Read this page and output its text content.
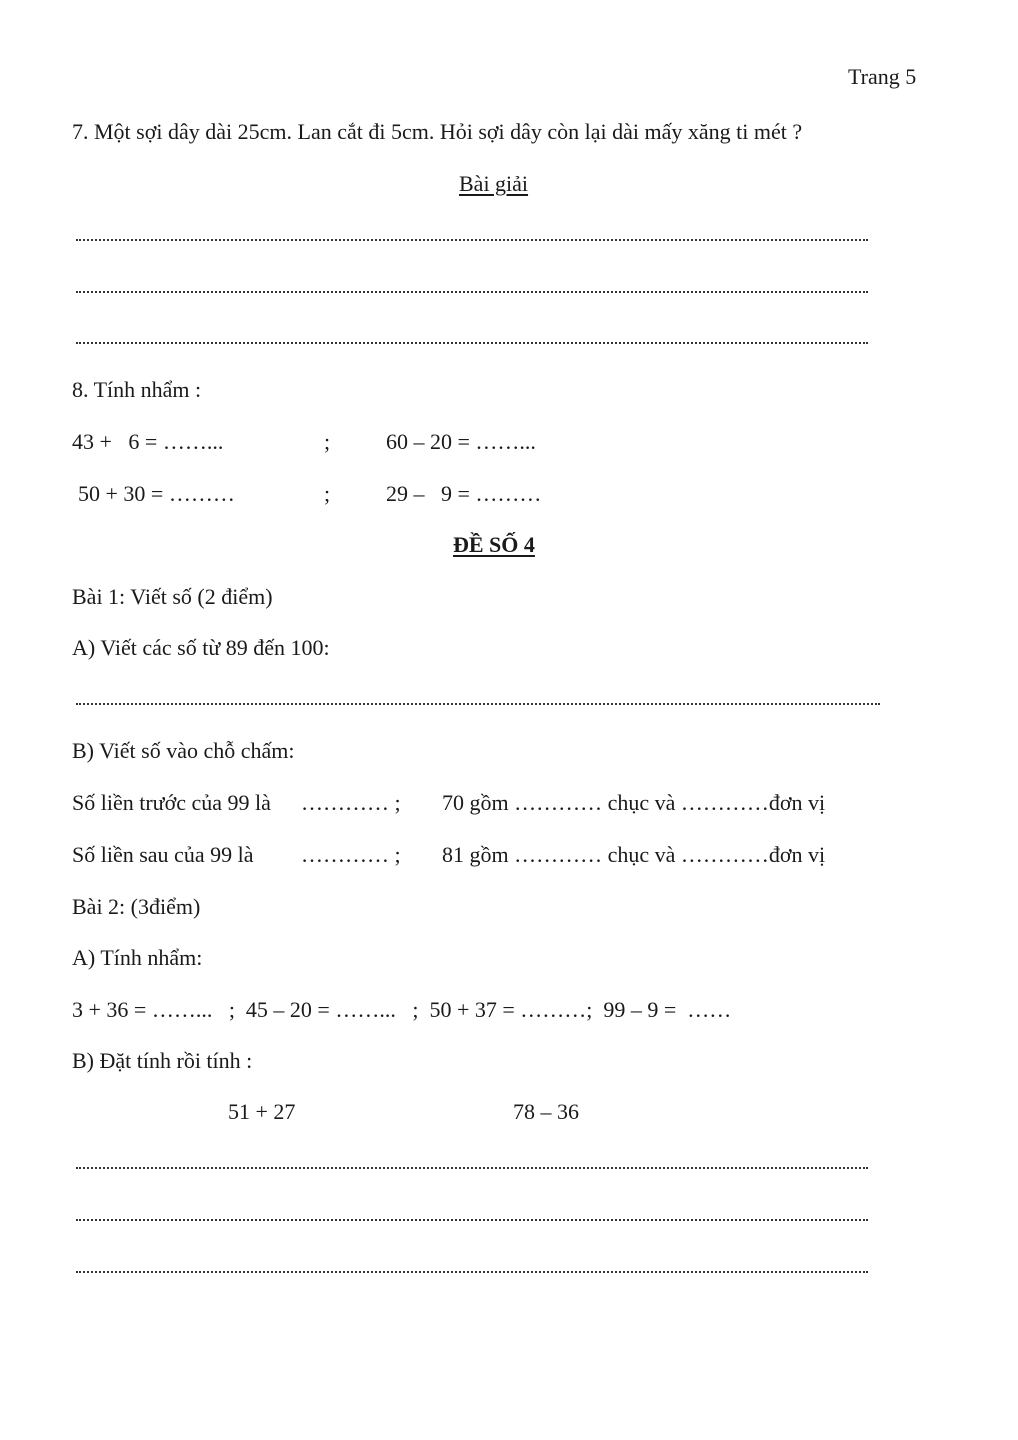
Trang 5
7. Một sợi dây dài 25cm. Lan cắt đi 5cm. Hỏi sợi dây còn lại dài mấy xăng ti mét ?
Bài giải
8. Tính nhẩm :
43 +   6 = ……...	;	60 – 20 = ……...
50 + 30 = ………	;	29 –   9 = ………
ĐỀ SỐ 4
Bài 1: Viết số (2 điểm)
A) Viết các số từ 89 đến 100:
B) Viết số vào chỗ chấm:
Số liền trước của 99 là ………… ; 70 gồm ………… chục và …………đơn vị
Số liền sau của 99 là ………… ; 81 gồm ………… chục và …………đơn vị
Bài 2: (3điểm)
A) Tính nhẩm:
3 + 36 = ……...   ;  45 – 20 = ……...   ;  50 + 37 = ………;  99 – 9 =  ……
B) Đặt tính rồi tính :
51 + 27	78 – 36
